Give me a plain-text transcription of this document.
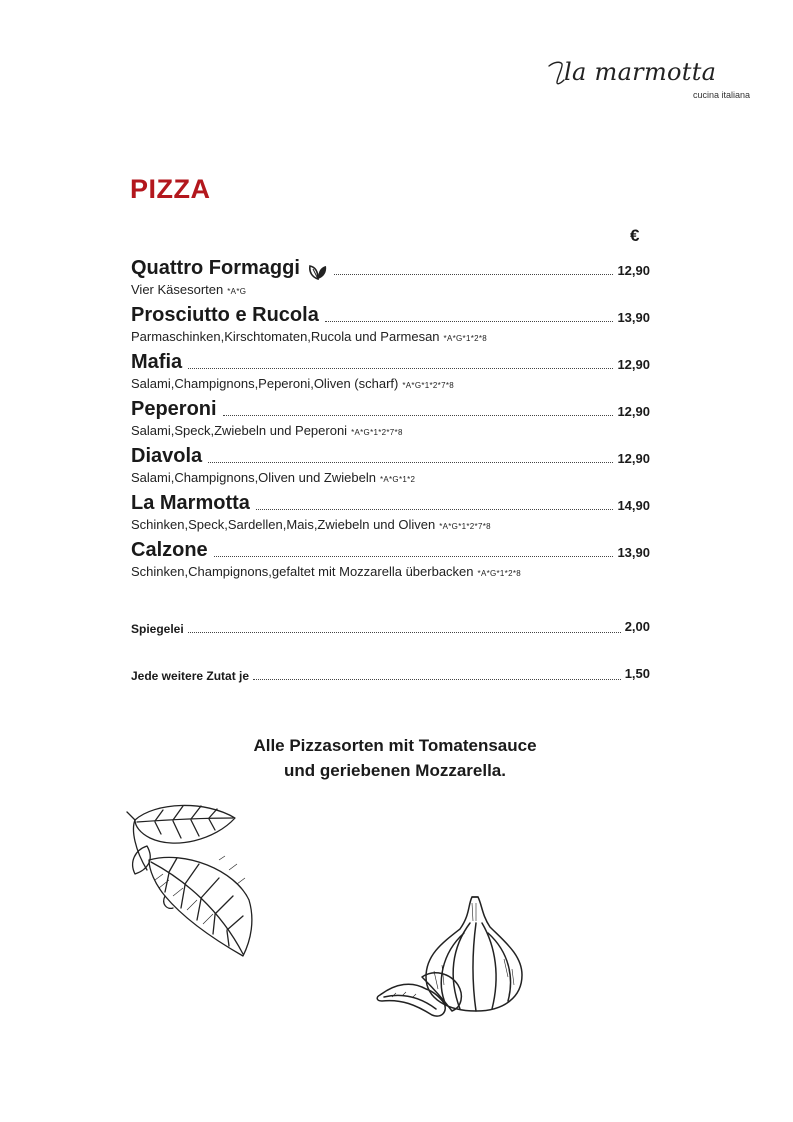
la marmotta
cucina italiana
PIZZA
€
Quattro Formaggi	12,90
Vier Käsesorten *A*G
Prosciutto e Rucola	13,90
Parmaschinken,Kirschtomaten,Rucola und Parmesan *A*G*1*2*8
Mafia	12,90
Salami,Champignons,Peperoni,Oliven (scharf) *A*G*1*2*7*8
Peperoni	12,90
Salami,Speck,Zwiebeln und Peperoni *A*G*1*2*7*8
Diavola	12,90
Salami,Champignons,Oliven und Zwiebeln *A*G*1*2
La Marmotta	14,90
Schinken,Speck,Sardellen,Mais,Zwiebeln und Oliven *A*G*1*2*7*8
Calzone	13,90
Schinken,Champignons,gefaltet mit Mozzarella überbacken *A*G*1*2*8
Spiegelei	2,00
Jede weitere Zutat je	1,50

Alle Pizzasorten mit Tomatensauce
und geriebenen Mozzarella.
